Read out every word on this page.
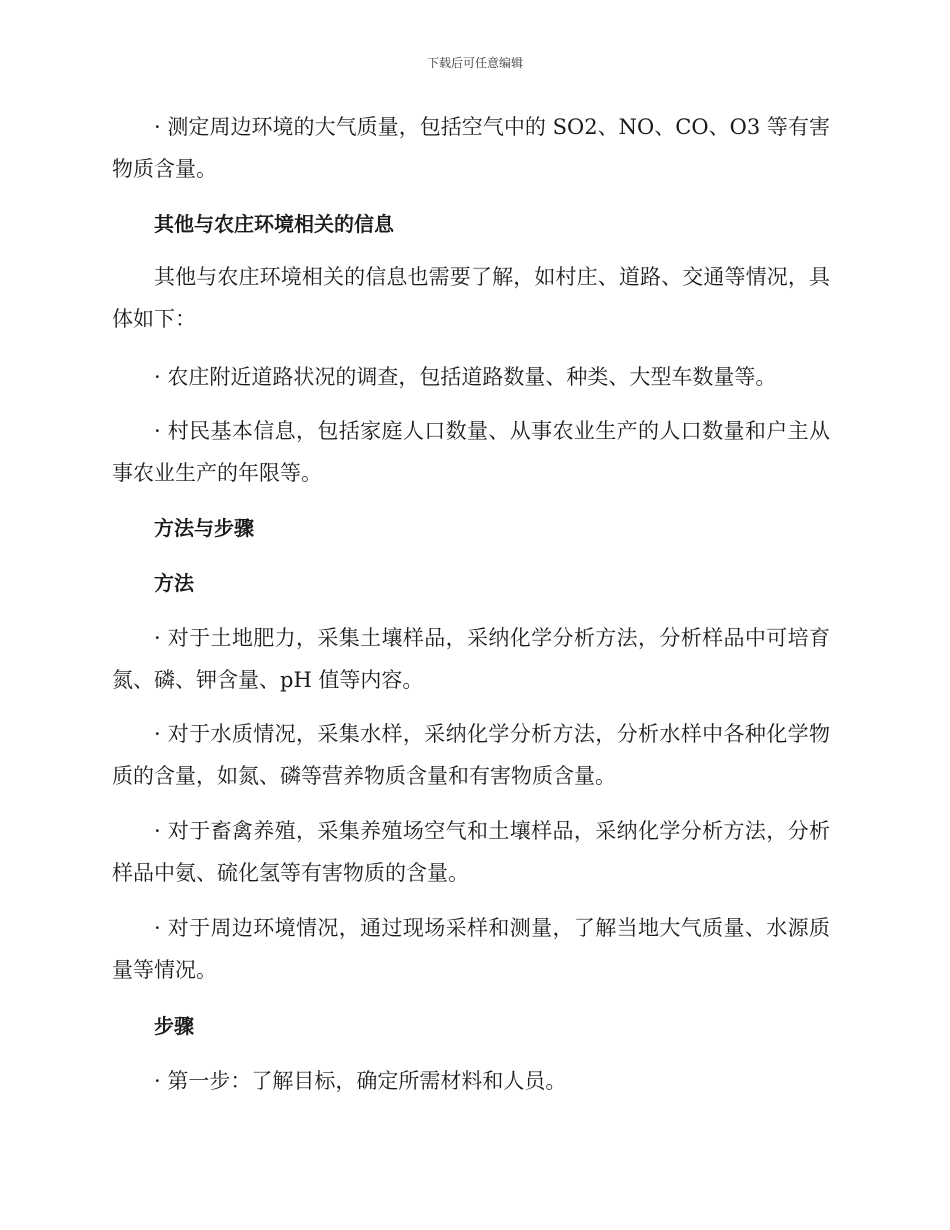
下载后可任意编辑

· 测定周边环境的大气质量，包括空气中的 SO2、NO、CO、O3 等有害物质含量。

其他与农庄环境相关的信息

其他与农庄环境相关的信息也需要了解，如村庄、道路、交通等情况，具体如下：

· 农庄附近道路状况的调查，包括道路数量、种类、大型车数量等。

· 村民基本信息，包括家庭人口数量、从事农业生产的人口数量和户主从事农业生产的年限等。

方法与步骤

方法

· 对于土地肥力，采集土壤样品，采纳化学分析方法，分析样品中可培育氮、磷、钾含量、pH 值等内容。

· 对于水质情况，采集水样，采纳化学分析方法，分析水样中各种化学物质的含量，如氮、磷等营养物质含量和有害物质含量。

· 对于畜禽养殖，采集养殖场空气和土壤样品，采纳化学分析方法，分析样品中氨、硫化氢等有害物质的含量。

· 对于周边环境情况，通过现场采样和测量，了解当地大气质量、水源质量等情况。

步骤

· 第一步：了解目标，确定所需材料和人员。
